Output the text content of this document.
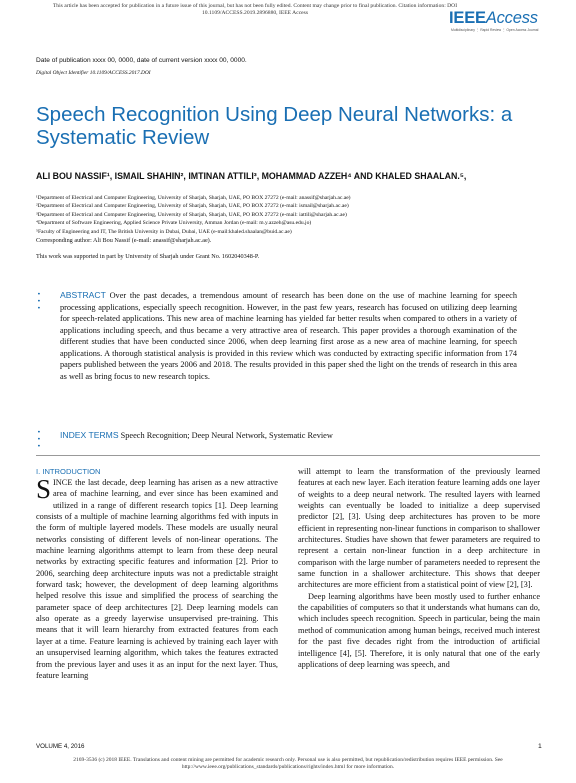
This article has been accepted for publication in a future issue of this journal, but has not been fully edited. Content may change prior to final publication. Citation information: DOI
10.1109/ACCESS.2019.2896880, IEEE Access	IEEEAccess
Multidisciplinary ⋮ Rapid Review ⋮ Open Access Journal
Date of publication xxxx 00, 0000, date of current version xxxx 00, 0000.
Digital Object Identifier 10.1109/ACCESS.2017.DOI
Speech Recognition Using Deep Neural Networks: a Systematic Review
ALI BOU NASSIF¹, ISMAIL SHAHIN², IMTINAN ATTILI³, MOHAMMAD AZZEH⁴ AND KHALED SHAALAN.⁵,
¹Department of Electrical and Computer Engineering, University of Sharjah, Sharjah, UAE, PO BOX 27272 (e-mail: anassif@sharjah.ac.ae)
²Department of Electrical and Computer Engineering, University of Sharjah, Sharjah, UAE, PO BOX 27272 (e-mail: ismail@sharjah.ac.ae)
³Department of Electrical and Computer Engineering, University of Sharjah, Sharjah, UAE, PO BOX 27272 (e-mail: iattili@sharjah.ac.ae)
⁴Department of Software Engineering, Applied Science Private University, Amman Jordan (e-mail: m.y.azzeh@asu.edu.jo)
⁵Faculty of Engineering and IT, The British University in Dubai, Dubai, UAE (e-mail:khaled.shaalan@buid.ac.ae)
Corresponding author: Ali Bou Nassif (e-mail: anassif@sharjah.ac.ae).
This work was supported in part by University of Sharjah under Grant No. 1602040348-P.
•
•
•
ABSTRACT Over the past decades, a tremendous amount of research has been done on the use of machine learning for speech processing applications, especially speech recognition. However, in the past few years, research has focused on utilizing deep learning for speech-related applications. This new area of machine learning has yielded far better results when compared to others in a variety of applications including speech, and thus became a very attractive area of research. This paper provides a thorough examination of the different studies that have been conducted since 2006, when deep learning first arose as a new area of machine learning, for speech applications. A thorough statistical analysis is provided in this review which was conducted by extracting specific information from 174 papers published between the years 2006 and 2018. The results provided in this paper shed the light on the trends of research in this area as well as bring focus to new research topics.
•
•
•
INDEX TERMS Speech Recognition; Deep Neural Network, Systematic Review
I. INTRODUCTION

SINCE the last decade, deep learning has arisen as a new attractive area of machine learning, and ever since has been examined and utilized in a range of different research topics [1]. Deep learning consists of a multiple of machine learning algorithms fed with inputs in the form of multiple layered models. These models are usually neural networks consisting of different levels of non-linear operations. The machine learning algorithms attempt to learn from these deep neural networks by extracting specific features and information [2]. Prior to 2006, searching deep architecture inputs was not a predictable straight forward task; however, the development of deep learning algorithms helped resolve this issue and simplified the process of searching the parameter space of deep architectures [2]. Deep learning models can also operate as a greedy layerwise unsupervised pre-training. This means that it will learn hierarchy from extracted features from each layer at a time. Feature learning is achieved by training each layer with an unsupervised learning algorithm, which takes the features extracted from the previous layer and uses it as an input for the next layer. Thus, feature learning

will attempt to learn the transformation of the previously learned features at each new layer. Each iteration feature learning adds one layer of weights to a deep neural network. The resulted layers with learned weights can eventually be loaded to initialize a deep supervised predictor [2], [3]. Using deep architectures has proven to be more efficient in representing non-linear functions in comparison to shallower architectures. Studies have shown that fewer parameters are required to represent a certain non-linear function in a deep architecture in comparison with the large number of parameters needed to represent the same function in a shallower architecture. This shows that deeper architectures are more efficient from a statistical point of view [2], [3].

Deep learning algorithms have been mostly used to further enhance the capabilities of computers so that it understands what humans can do, which includes speech recognition. Speech in particular, being the main method of communication among human beings, received much interest for the past five decades right from the introduction of artificial intelligence [4], [5]. Therefore, it is only natural that one of the early applications of deep learning was speech, and

VOLUME 4, 2016	1
2169-3536 (c) 2018 IEEE. Translations and content mining are permitted for academic research only. Personal use is also permitted, but republication/redistribution requires IEEE permission. See
http://www.ieee.org/publications_standards/publications/rights/index.html for more information.
